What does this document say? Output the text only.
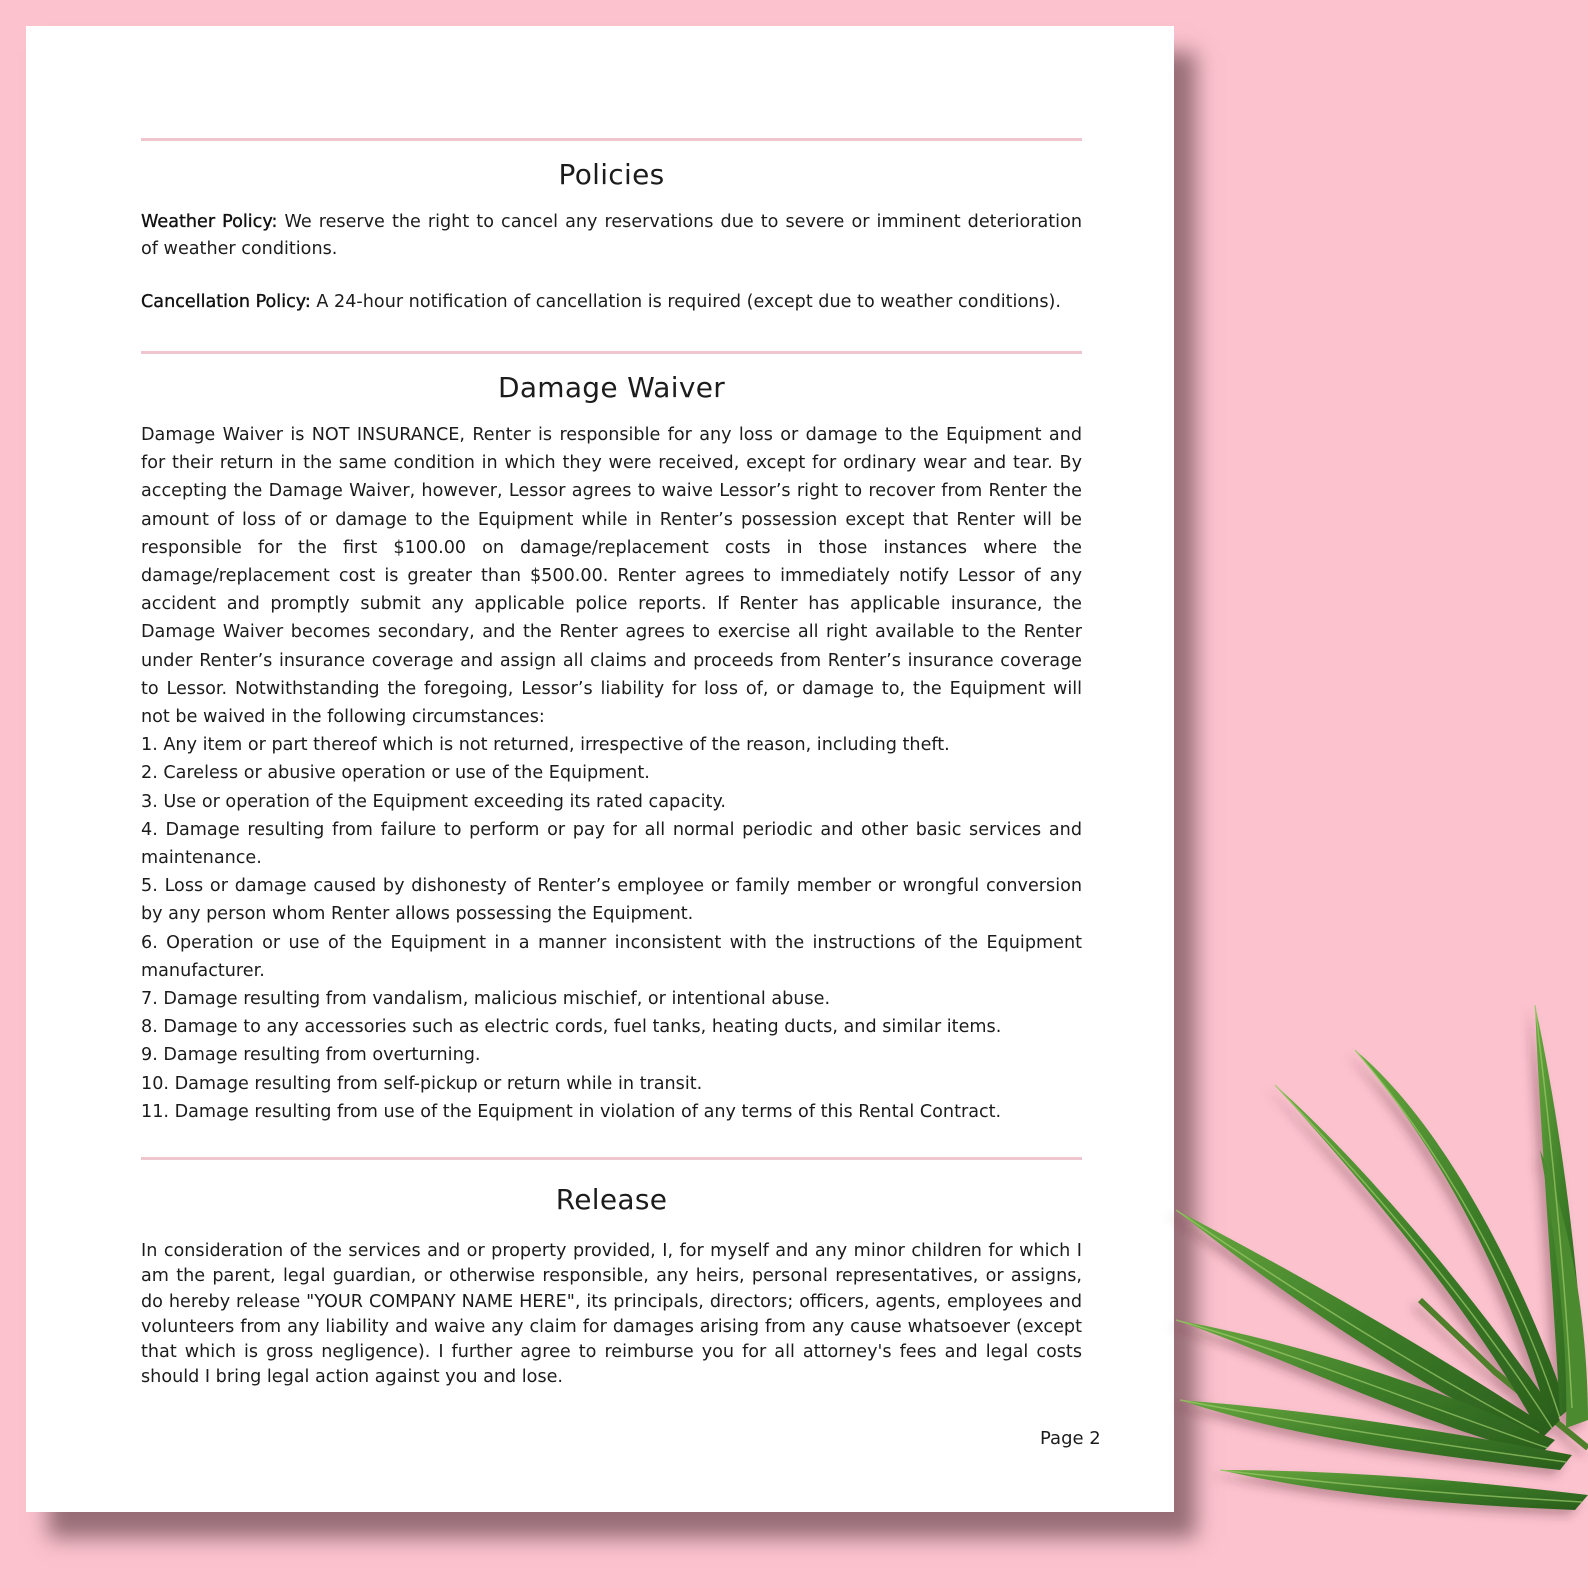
Policies

Weather Policy: We reserve the right to cancel any reservations due to severe or imminent deterioration of weather conditions.

Cancellation Policy: A 24-hour notification of cancellation is required (except due to weather conditions).

Damage Waiver

Damage Waiver is NOT INSURANCE, Renter is responsible for any loss or damage to the Equipment and for their return in the same condition in which they were received, except for ordinary wear and tear. By accepting the Damage Waiver, however, Lessor agrees to waive Lessor’s right to recover from Renter the amount of loss of or damage to the Equipment while in Renter’s possession except that Renter will be responsible for the first $100.00 on damage/replacement costs in those instances where the damage/replacement cost is greater than $500.00. Renter agrees to immediately notify Lessor of any accident and promptly submit any applicable police reports. If Renter has applicable insurance, the Damage Waiver becomes secondary, and the Renter agrees to exercise all right available to the Renter under Renter’s insurance coverage and assign all claims and proceeds from Renter’s insurance coverage to Lessor. Notwithstanding the foregoing, Lessor’s liability for loss of, or damage to, the Equipment will not be waived in the following circumstances:

1. Any item or part thereof which is not returned, irrespective of the reason, including theft.
2. Careless or abusive operation or use of the Equipment.
3. Use or operation of the Equipment exceeding its rated capacity.
4. Damage resulting from failure to perform or pay for all normal periodic and other basic services and maintenance.
5. Loss or damage caused by dishonesty of Renter’s employee or family member or wrongful conversion by any person whom Renter allows possessing the Equipment.
6. Operation or use of the Equipment in a manner inconsistent with the instructions of the Equipment manufacturer.
7. Damage resulting from vandalism, malicious mischief, or intentional abuse.
8. Damage to any accessories such as electric cords, fuel tanks, heating ducts, and similar items.
9. Damage resulting from overturning.
10. Damage resulting from self-pickup or return while in transit.
11. Damage resulting from use of the Equipment in violation of any terms of this Rental Contract.
Release

In consideration of the services and or property provided, I, for myself and any minor children for which I am the parent, legal guardian, or otherwise responsible, any heirs, personal representatives, or assigns, do hereby release "YOUR COMPANY NAME HERE", its principals, directors; officers, agents, employees and volunteers from any liability and waive any claim for damages arising from any cause whatsoever (except that which is gross negligence). I further agree to reimburse you for all attorney's fees and legal costs should I bring legal action against you and lose.

Page 2
